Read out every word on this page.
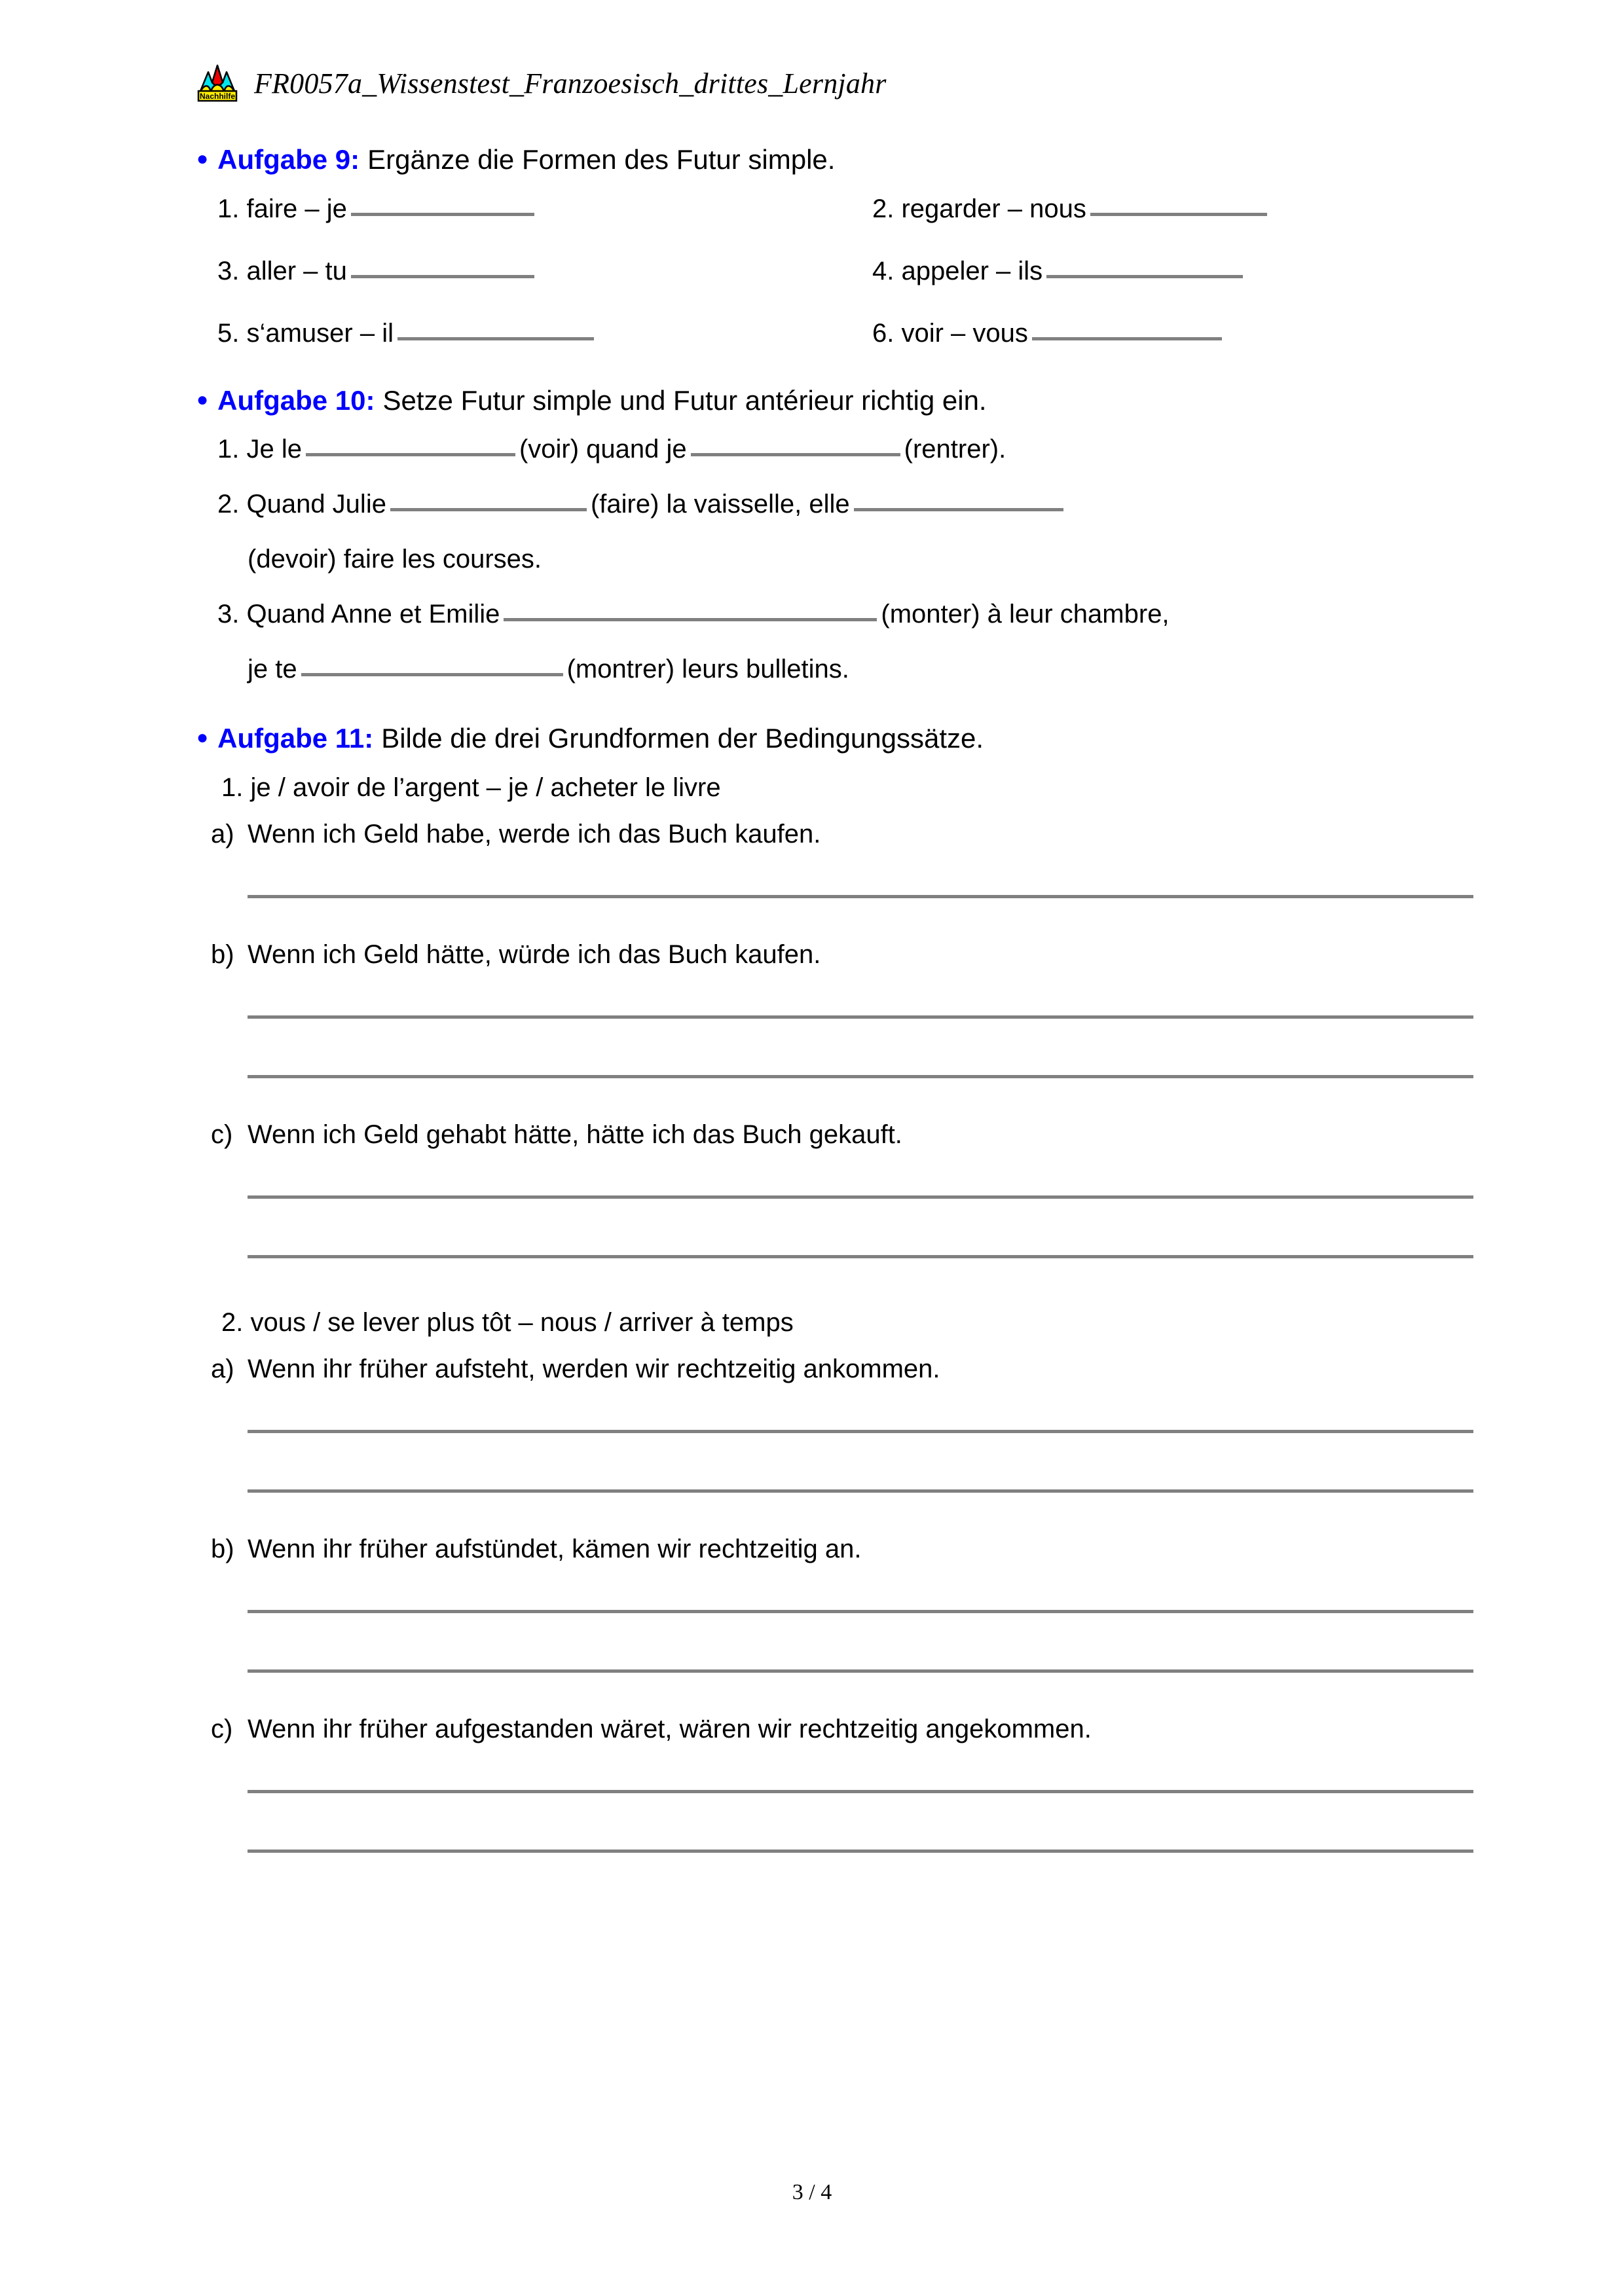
Nachhilfe FR0057a_Wissenstest_Franzoesisch_drittes_Lernjahr
● Aufgabe 9: Ergänze die Formen des Futur simple.
1. faire – je	2. regarder – nous
3. aller – tu	4. appeler – ils
5. s‘amuser – il	6. voir – vous
● Aufgabe 10: Setze Futur simple und Futur antérieur richtig ein.
1. Je le	(voir) quand je	(rentrer).
2. Quand Julie	(faire) la vaisselle, elle
(devoir) faire les courses.
3. Quand Anne et Emilie	(monter) à leur chambre,
je te	(montrer) leurs bulletins.
● Aufgabe 11: Bilde die drei Grundformen der Bedingungssätze.
1. je / avoir de l’argent – je / acheter le livre
a) Wenn ich Geld habe, werde ich das Buch kaufen.
b) Wenn ich Geld hätte, würde ich das Buch kaufen.
c) Wenn ich Geld gehabt hätte, hätte ich das Buch gekauft.
2. vous / se lever plus tôt – nous / arriver à temps
a) Wenn ihr früher aufsteht, werden wir rechtzeitig ankommen.
b) Wenn ihr früher aufstündet, kämen wir rechtzeitig an.
c) Wenn ihr früher aufgestanden wäret, wären wir rechtzeitig angekommen.
3 / 4
